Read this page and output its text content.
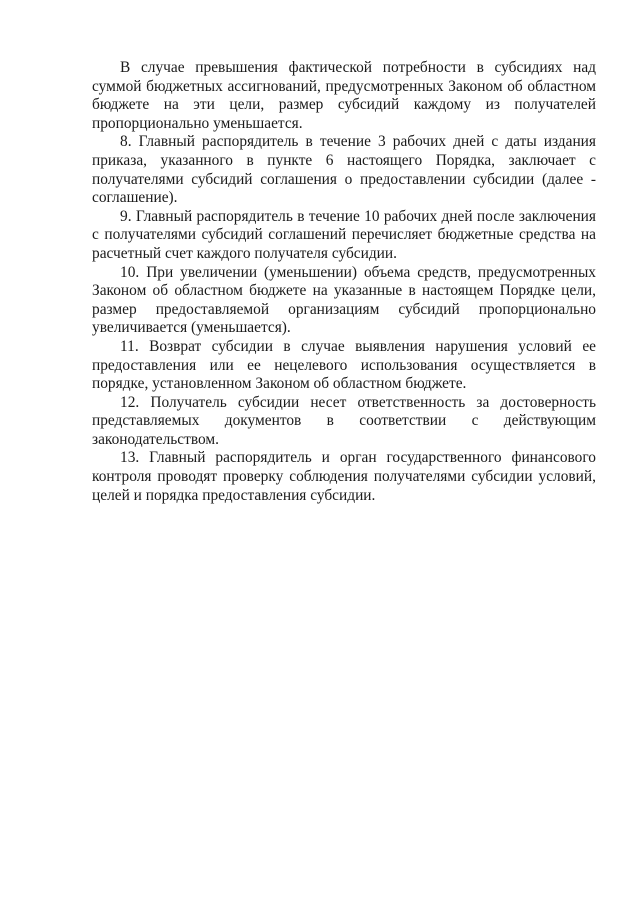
В случае превышения фактической потребности в субсидиях над суммой бюджетных ассигнований, предусмотренных Законом об областном бюджете на эти цели, размер субсидий каждому из получателей пропорционально уменьшается.

8. Главный распорядитель в течение 3 рабочих дней с даты издания приказа, указанного в пункте 6 настоящего Порядка, заключает с получателями субсидий соглашения о предоставлении субсидии (далее - соглашение).

9. Главный распорядитель в течение 10 рабочих дней после заключения с получателями субсидий соглашений перечисляет бюджетные средства на расчетный счет каждого получателя субсидии.

10. При увеличении (уменьшении) объема средств, предусмотренных Законом об областном бюджете на указанные в настоящем Порядке цели, размер предоставляемой организациям субсидий пропорционально увеличивается (уменьшается).

11. Возврат субсидии в случае выявления нарушения условий ее предоставления или ее нецелевого использования осуществляется в порядке, установленном Законом об областном бюджете.

12. Получатель субсидии несет ответственность за достоверность представляемых документов в соответствии с действующим законодательством.

13. Главный распорядитель и орган государственного финансового контроля проводят проверку соблюдения получателями субсидии условий, целей и порядка предоставления субсидии.
